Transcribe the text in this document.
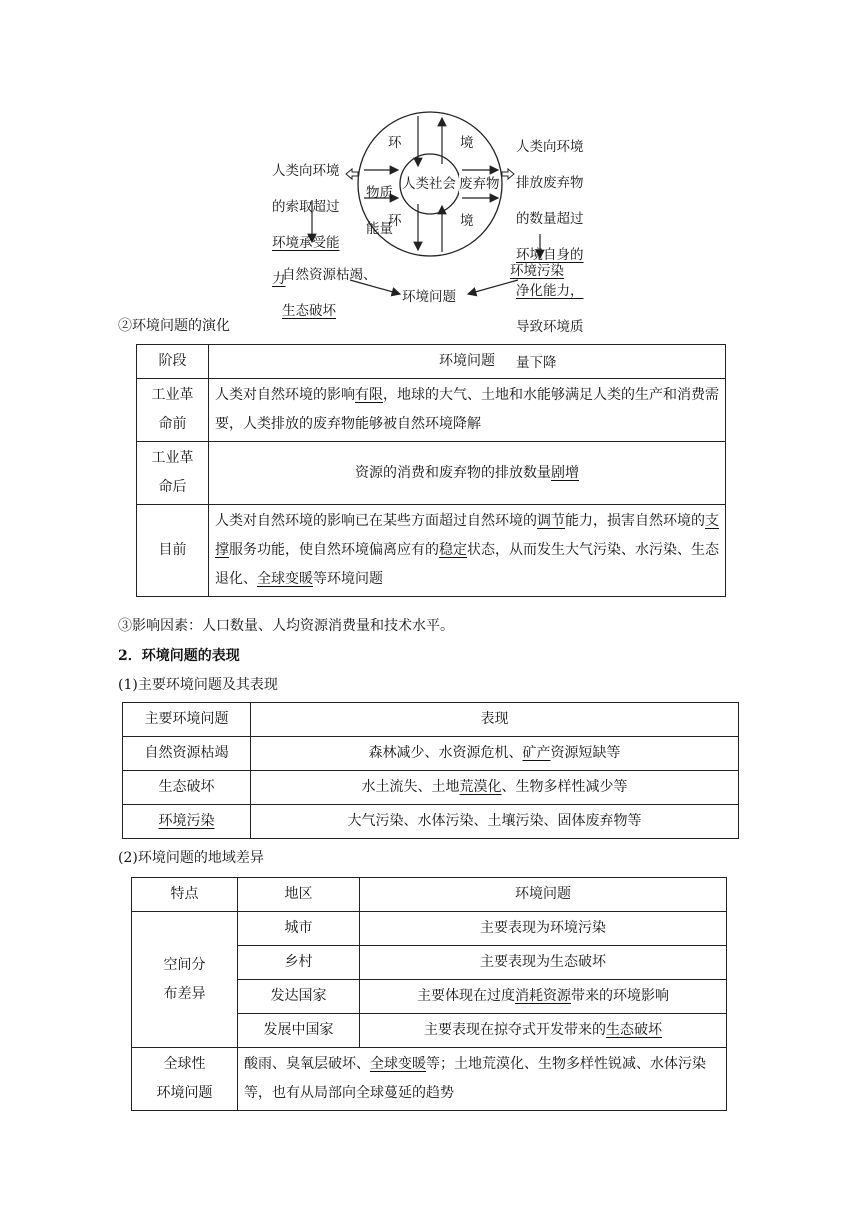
人类向环境

的索取超过

环境承受能

力

人类向环境

排放废弃物

的数量超过

环境自身的

净化能力，

导致环境质

量下降

环	境
环	境

物质

能量

人类社会 废弃物

自然资源枯竭、

生态破坏

环境污染
环境问题
②环境问题的演化
阶段	环境问题

工业革
命前	人类对自然环境的影响有限，地球的大气、土地和水能够满足人类的生产和消费需要，人类排放的废弃物能够被自然环境降解

工业革
命后	资源的消费和废弃物的排放数量剧增
目前	人类对自然环境的影响已在某些方面超过自然环境的调节能力，损害自然环境的支撑服务功能，使自然环境偏离应有的稳定状态，从而发生大气污染、水污染、生态退化、全球变暖等环境问题
③影响因素：人口数量、人均资源消费量和技术水平。
2．环境问题的表现
(1)主要环境问题及其表现
主要环境问题	表现
自然资源枯竭	森林减少、水资源危机、矿产资源短缺等
生态破坏	水土流失、土地荒漠化、生物多样性减少等
环境污染	大气污染、水体污染、土壤污染、固体废弃物等
(2)环境问题的地域差异
特点	地区	环境问题

空间分
布差异	城市	主要表现为环境污染
	乡村	主要表现为生态破坏
	发达国家	主要体现在过度消耗资源带来的环境影响
	发展中国家	主要表现在掠夺式开发带来的生态破坏

全球性
环境问题	酸雨、臭氧层破坏、全球变暖等；土地荒漠化、生物多样性锐减、水体污染等，也有从局部向全球蔓延的趋势	
